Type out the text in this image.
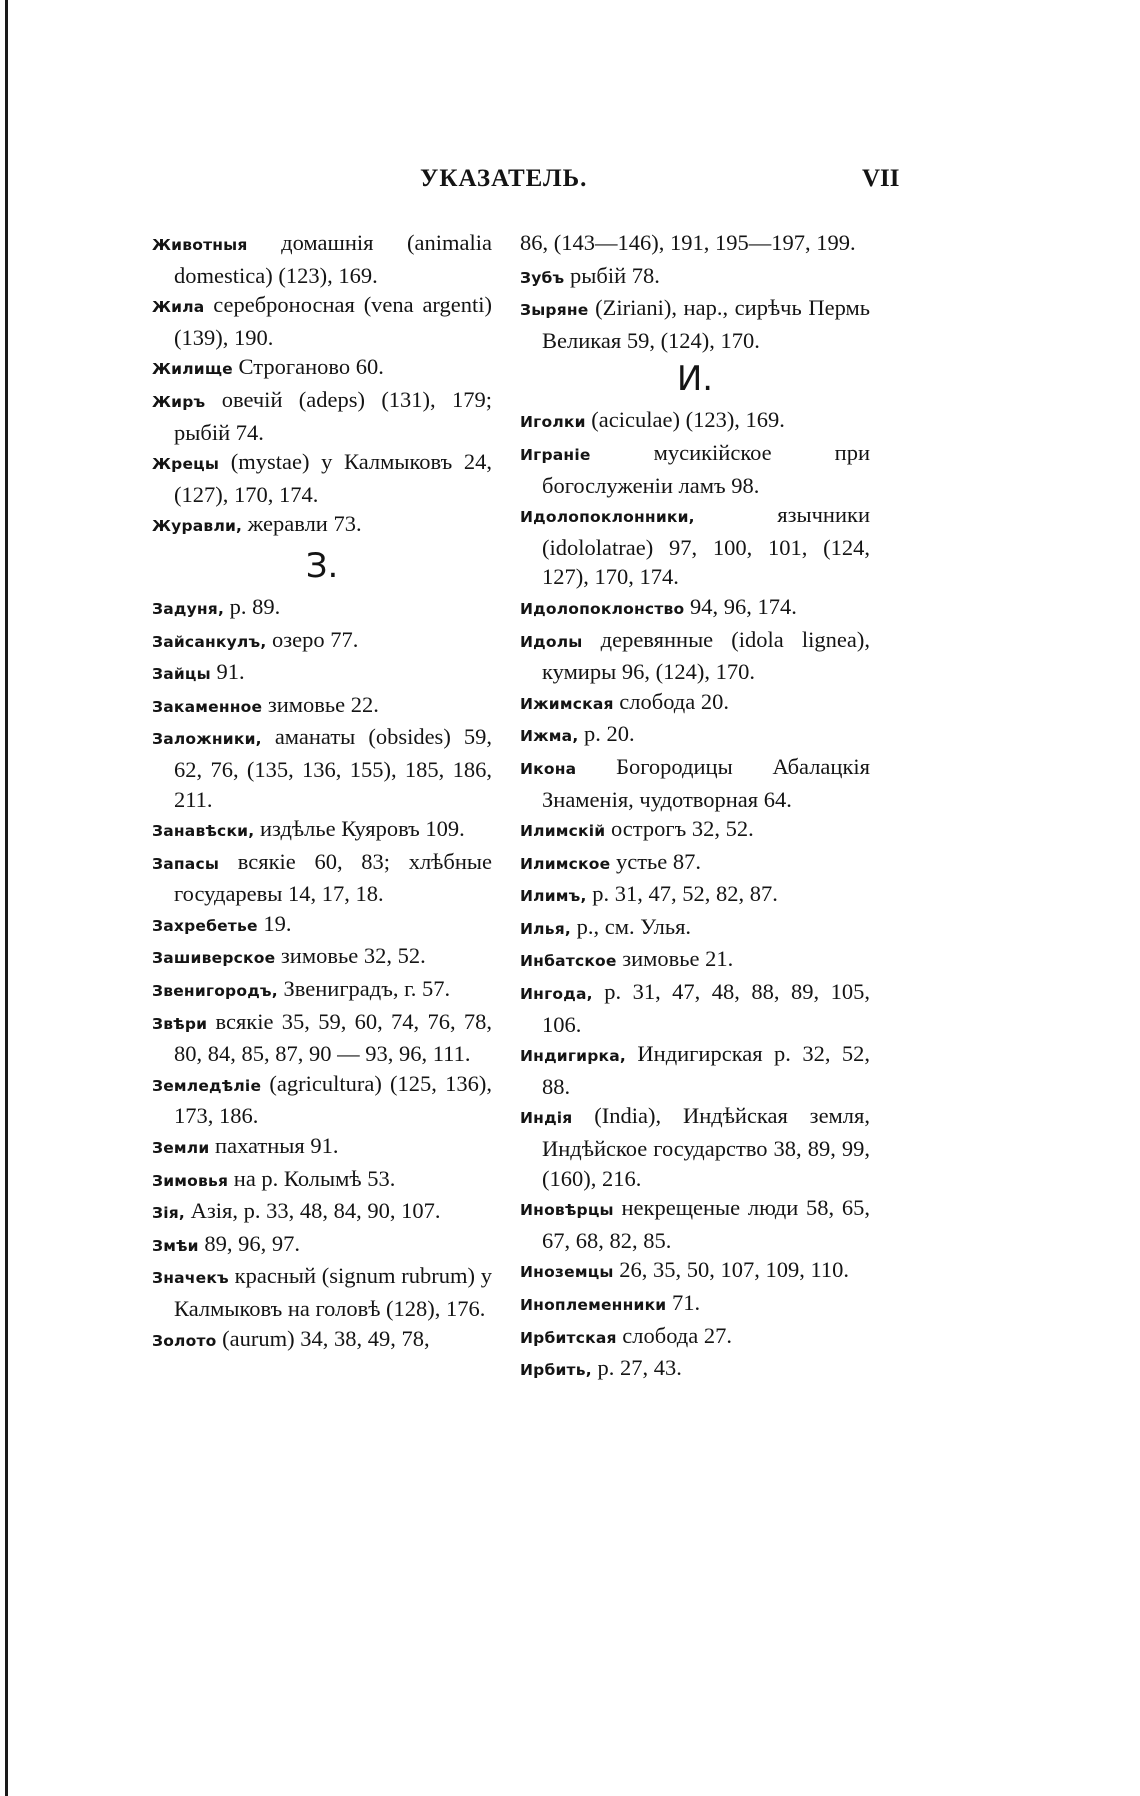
УКАЗАТЕЛЬ.	VII
Животныя домашнія (animalia domestica) (123), 169.
Жила сереброносная (vena argenti) (139), 190.
Жилище Строганово 60.
Жиръ овечій (adeps) (131), 179; рыбій 74.
Жрецы (mystae) у Калмыковъ 24, (127), 170, 174.
Журавли, жеравли 73.
З.
Задуня, р. 89.
Зайсанкулъ, озеро 77.
Зайцы 91.
Закаменное зимовье 22.
Заложники, аманаты (obsides) 59, 62, 76, (135, 136, 155), 185, 186, 211.
Занавѣски, издѣлье Куяровъ 109.
Запасы всякіе 60, 83; хлѣбные государевы 14, 17, 18.
Захребетье 19.
Зашиверское зимовье 32, 52.
Звенигородъ, Звениградъ, г. 57.
Звѣри всякіе 35, 59, 60, 74, 76, 78, 80, 84, 85, 87, 90 — 93, 96, 111.
Земледѣліе (agricultura) (125, 136), 173, 186.
Земли пахатныя 91.
Зимовья на р. Колымѣ 53.
Зія, Азія, р. 33, 48, 84, 90, 107.
Змѣи 89, 96, 97.
Значекъ красный (signum rubrum) у Калмыковъ на головѣ (128), 176.
Золото (aurum) 34, 38, 49, 78,
86, (143—146), 191, 195—197, 199.
Зубъ рыбій 78.
Зыряне (Ziriani), нар., сирѣчь Пермь Великая 59, (124), 170.
И.
Иголки (aciculae) (123), 169.
Играніе	мусикійское при богослуженіи ламъ 98.
Идолопоклонники,	язычники (idololatrae) 97, 100, 101, (124, 127), 170, 174.
Идолопоклонство 94, 96, 174.
Идолы деревянные (idola lignea), кумиры 96, (124), 170.
Ижимская слобода 20.
Ижма, р. 20.
Икона Богородицы Абалацкія Знаменія, чудотворная 64.
Илимскій острогъ 32, 52.
Илимское устье 87.
Илимъ, р. 31, 47, 52, 82, 87.
Илья, р., см. Улья.
Инбатское зимовье 21.
Ингода, р. 31, 47, 48, 88, 89, 105, 106.
Индигирка, Индигирская р. 32, 52, 88.
Индія (India), Индѣйская земля, Индѣйское государство 38, 89, 99, (160), 216.
Иновѣрцы некрещеные люди 58, 65, 67, 68, 82, 85.
Иноземцы 26, 35, 50, 107, 109, 110.
Иноплеменники 71.
Ирбитская слобода 27.
Ирбить, р. 27, 43.
